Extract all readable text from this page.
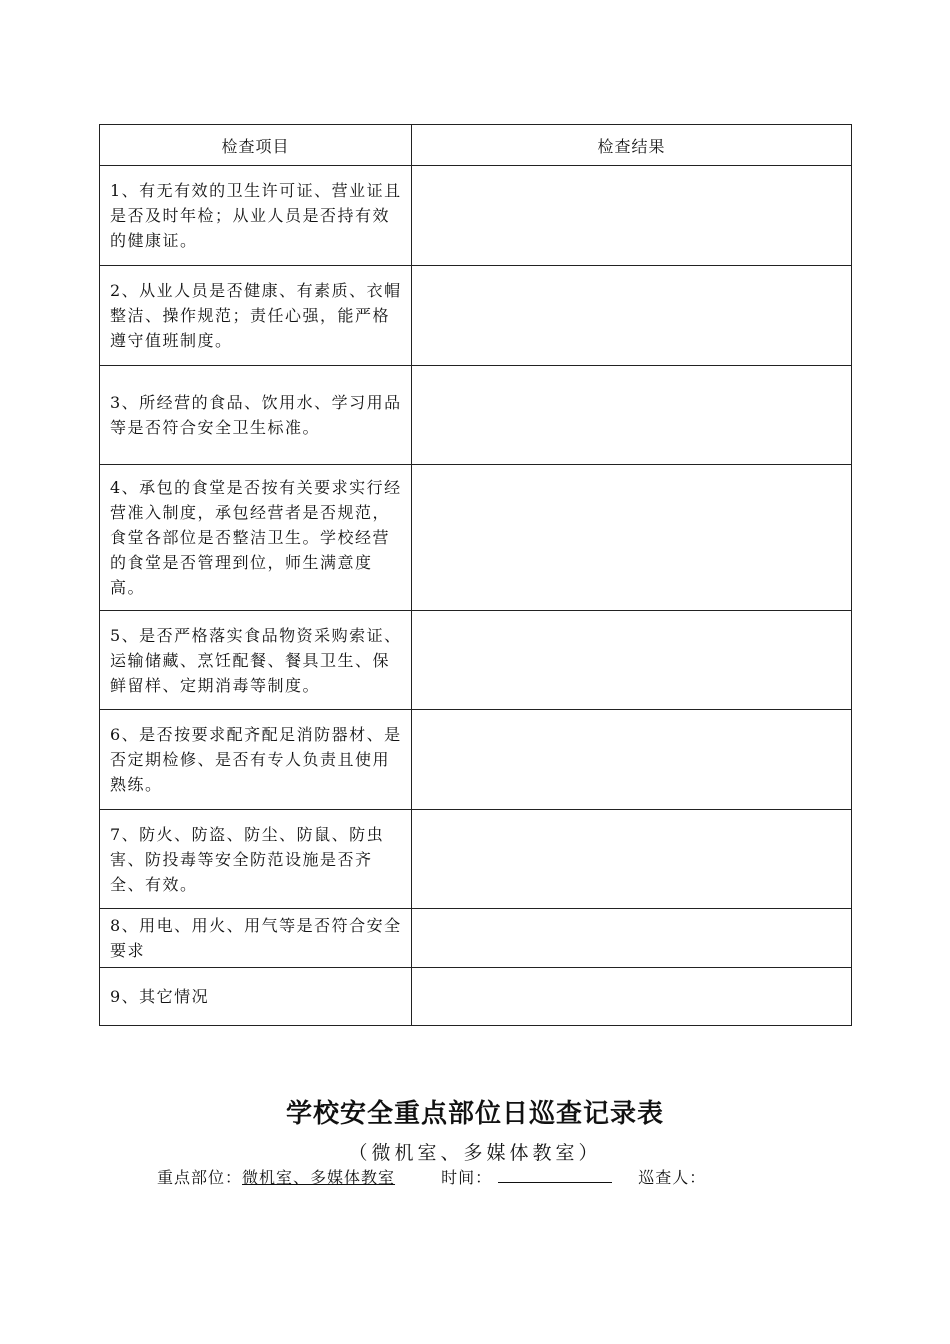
检查项目	检查结果
1、有无有效的卫生许可证、营业证且是否及时年检；从业人员是否持有效的健康证。	
2、从业人员是否健康、有素质、衣帽整洁、操作规范；责任心强，能严格遵守值班制度。	
3、所经营的食品、饮用水、学习用品等是否符合安全卫生标准。	
4、承包的食堂是否按有关要求实行经营准入制度，承包经营者是否规范，食堂各部位是否整洁卫生。学校经营的食堂是否管理到位，师生满意度高。	
5、是否严格落实食品物资采购索证、运输储藏、烹饪配餐、餐具卫生、保鲜留样、定期消毒等制度。	
6、是否按要求配齐配足消防器材、是否定期检修、是否有专人负责且使用熟练。	
7、防火、防盗、防尘、防鼠、防虫害、防投毒等安全防范设施是否齐全、有效。	
8、用电、用火、用气等是否符合安全要求	
9、其它情况	
学校安全重点部位日巡查记录表
（微机室、多媒体教室）
重点部位：微机室、多媒体教室	时间：	巡查人：
